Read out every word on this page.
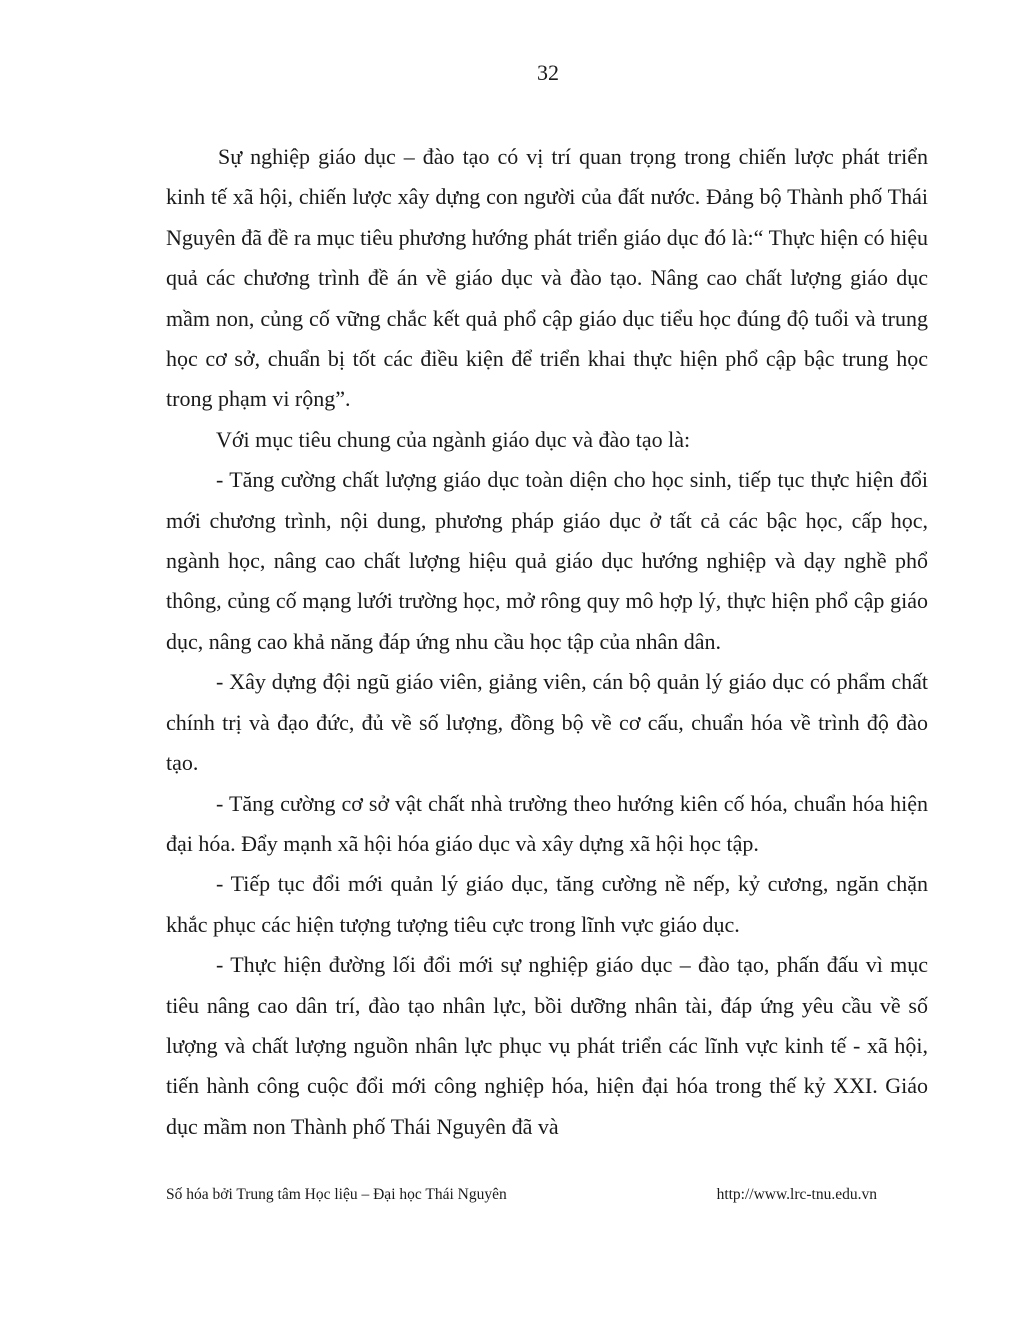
32

Sự nghiệp giáo dục – đào tạo có vị trí quan trọng trong chiến lược phát triển kinh tế xã hội, chiến lược xây dựng con người của đất nước. Đảng bộ Thành phố Thái Nguyên đã đề ra mục tiêu phương hướng phát triển giáo dục đó là:“ Thực hiện có hiệu quả các chương trình đề án về giáo dục và đào tạo. Nâng cao chất lượng giáo dục mầm non, củng cố vững chắc kết quả phổ cập giáo dục tiểu học đúng độ tuổi và trung học cơ sở, chuẩn bị tốt các điều kiện để triển khai thực hiện phổ cập bậc trung học trong phạm vi rộng”.

Với mục tiêu chung của ngành giáo dục và đào tạo là:

- Tăng cường chất lượng giáo dục toàn diện cho học sinh, tiếp tục thực hiện đổi mới chương trình, nội dung, phương pháp giáo dục ở tất cả các bậc học, cấp học, ngành học, nâng cao chất lượng hiệu quả giáo dục hướng nghiệp và dạy nghề phổ thông, củng cố mạng lưới trường học, mở rông quy mô hợp lý, thực hiện phổ cập giáo dục, nâng cao khả năng đáp ứng nhu cầu học tập của nhân dân.

- Xây dựng đội ngũ giáo viên, giảng viên, cán bộ quản lý giáo dục có phẩm chất chính trị và đạo đức, đủ về số lượng, đồng bộ về cơ cấu, chuẩn hóa về trình độ đào tạo.

- Tăng cường cơ sở vật chất nhà trường theo hướng kiên cố hóa, chuẩn hóa hiện đại hóa. Đẩy mạnh xã hội hóa giáo dục và xây dựng xã hội học tập.

- Tiếp tục đổi mới quản lý giáo dục, tăng cường nề nếp, kỷ cương, ngăn chặn khắc phục các hiện tượng tượng tiêu cực trong lĩnh vực giáo dục.

- Thực hiện đường lối đổi mới sự nghiệp giáo dục – đào tạo, phấn đấu vì mục tiêu nâng cao dân trí, đào tạo nhân lực, bồi dưỡng nhân tài, đáp ứng yêu cầu về số lượng và chất lượng nguồn nhân lực phục vụ phát triển các lĩnh vực kinh tế - xã hội, tiến hành công cuộc đổi mới công nghiệp hóa, hiện đại hóa trong thế kỷ XXI. Giáo dục mầm non Thành phố Thái Nguyên đã và

Số hóa bởi Trung tâm Học liệu – Đại học Thái Nguyên	http://www.lrc-tnu.edu.vn
